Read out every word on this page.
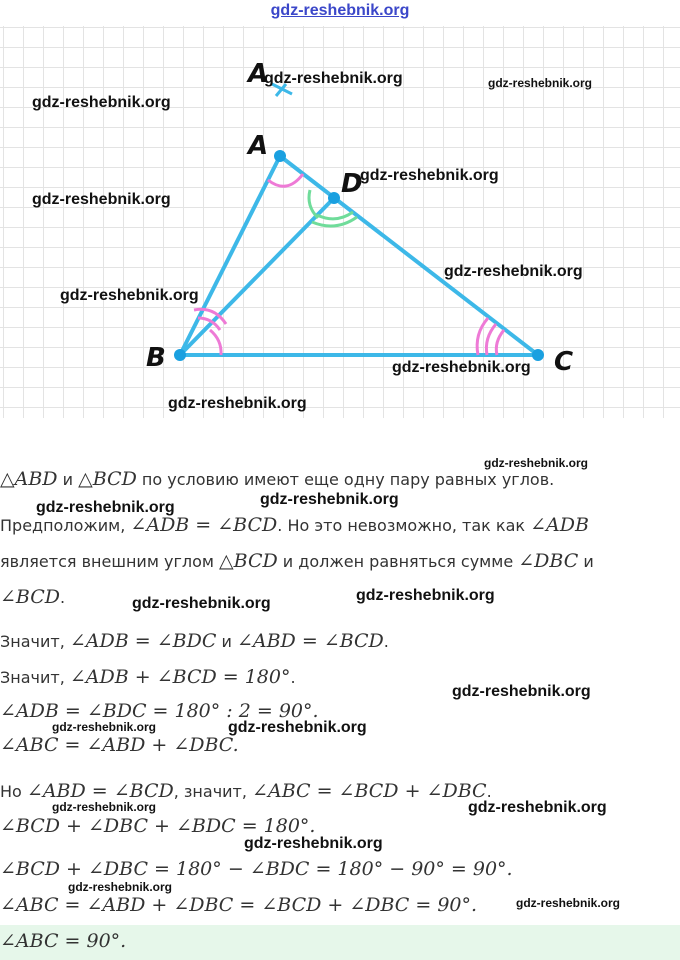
gdz-reshebnik.org
A
A
D
B	C
△ABD и △BCD по условию имеют еще одну пару равных углов.
Предположим, ∠ADB = ∠BCD. Но это невозможно, так как ∠ADB
является внешним углом △BCD и должен равняться сумме ∠DBC и
∠BCD.
Значит, ∠ADB = ∠BDC и ∠ABD = ∠BCD.
Значит, ∠ADB + ∠BCD = 180°.
∠ADB = ∠BDC = 180° : 2 = 90°.
∠ABC = ∠ABD + ∠DBC.
Но ∠ABD = ∠BCD, значит, ∠ABC = ∠BCD + ∠DBC.
∠BCD + ∠DBC + ∠BDC = 180°.
∠BCD + ∠DBC = 180° − ∠BDC = 180° − 90° = 90°.
∠ABC = ∠ABD + ∠DBC = ∠BCD + ∠DBC = 90°.
∠ABC = 90°.
gdz-reshebnik.org	gdz-reshebnik.org
gdz-reshebnik.org
gdz-reshebnik.org
gdz-reshebnik.org
gdz-reshebnik.org
gdz-reshebnik.org
gdz-reshebnik.org
gdz-reshebnik.org
gdz-reshebnik.org
gdz-reshebnik.org
gdz-reshebnik.org
gdz-reshebnik.org
gdz-reshebnik.org
gdz-reshebnik.org
gdz-reshebnik.org
gdz-reshebnik.org
gdz-reshebnik.org	gdz-reshebnik.org
gdz-reshebnik.org
gdz-reshebnik.org
gdz-reshebnik.org
